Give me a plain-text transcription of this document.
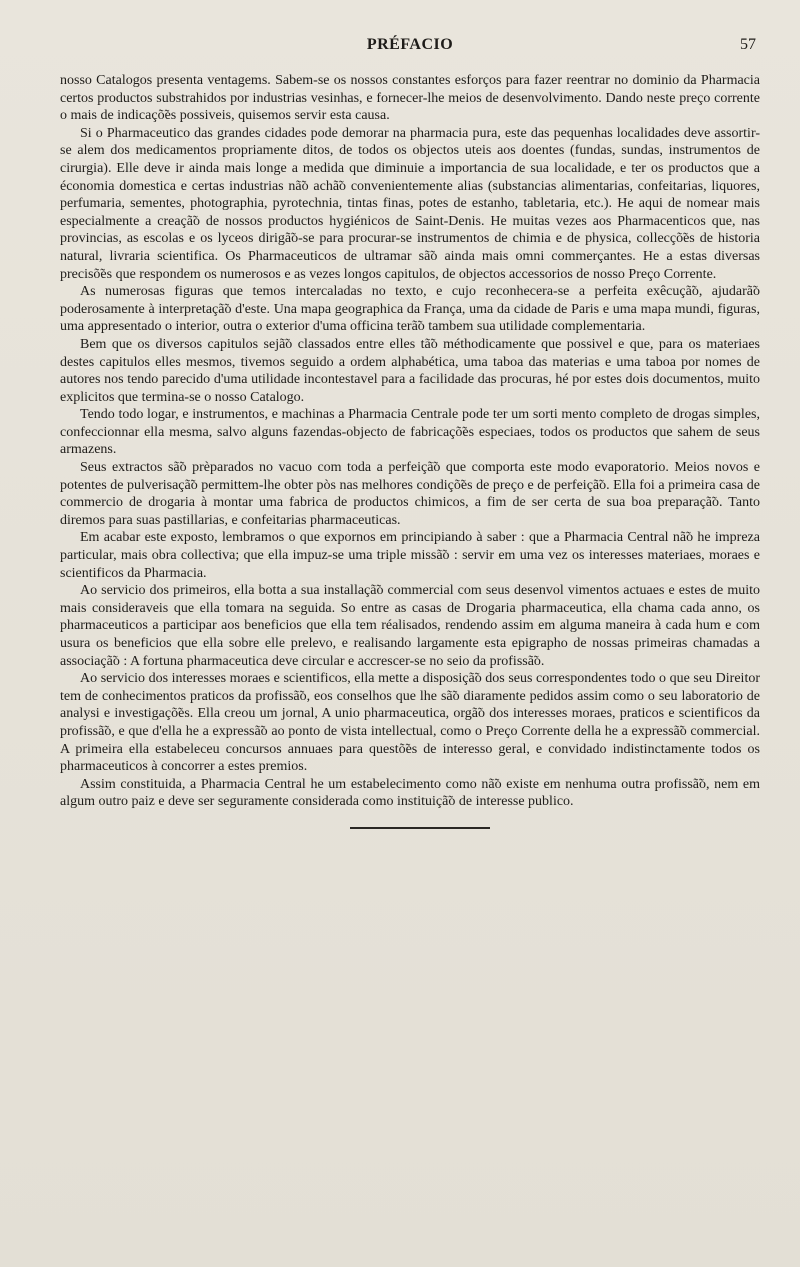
PRÉFACIO	57

nosso Catalogos presenta ventagems. Sabem-se os nossos constantes esforços para fazer reentrar no dominio da Pharmacia certos productos substrahidos por industrias vesinhas, e fornecer-lhe meios de desenvolvimento. Dando neste preço corrente o mais de indicaçõ̃es possiveis, quisemos servir esta causa.

Si o Pharmaceutico das grandes cidades pode demorar na pharmacia pura, este das pequenhas localidades deve assortir-se alem dos medicamentos propriamente ditos, de todos os objectos uteis aos doentes (fundas, sundas, instrumentos de cirurgia). Elle deve ir ainda mais longe a medida que diminuie a importancia de sua localidade, e ter os productos que a économia domestica e certas industrias nã̃o achã̃o convenientemente alias (substancias alimentarias, confeitarias, liquores, perfumaria, sementes, photographia, pyrotechnia, tintas finas, potes de estanho, tabletaria, etc.). He aqui de nomear mais especialmente a creaçã̃o de nossos productos hygiénicos de Saint-Denis. He muitas vezes aos Pharmacenticos que, nas provincias, as escolas e os lyceos dirigã̃o-se para procurar-se instrumentos de chimia e de physica, collecçõ̃es de historia natural, livraria scientifica. Os Pharmaceuticos de ultramar sã̃o ainda mais omni commerçantes. He a estas diversas precisõ̃es que respondem os numerosos e as vezes longos capitulos, de objectos accessorios de nosso Preço Corrente.

As numerosas figuras que temos intercaladas no texto, e cujo reconhecera-se a perfeita exêcuçã̃o, ajudarã̃o poderosamente à interpretaçã̃o d'este. Una mapa geographica da França, uma da cidade de Paris e uma mapa mundi, figuras, uma appresentado o interior, outra o exterior d'uma officina terã̃o tambem sua utilidade complementaria.

Bem que os diversos capitulos sejã̃o classados entre elles tã̃o méthodicamente que possivel e que, para os materiaes destes capitulos elles mesmos, tivemos seguido a ordem alphabética, uma taboa das materias e uma taboa por nomes de autores nos tendo parecido d'uma utilidade incontestavel para a facilidade das procuras, hé por estes dois documentos, muito explicitos que termina-se o nosso Catalogo.

Tendo todo logar, e instrumentos, e machinas a Pharmacia Centrale pode ter um sorti mento completo de drogas simples, confeccionnar ella mesma, salvo alguns fazendas-objecto de fabricaçõ̃es especiaes, todos os productos que sahem de seus armazens.

Seus extractos sã̃o prèparados no vacuo com toda a perfeiçã̃o que comporta este modo evaporatorio. Meios novos e potentes de pulverisaçã̃o permittem-lhe obter pòs nas melhores condiçõ̃es de preço e de perfeiçã̃o. Ella foi a primeira casa de commercio de drogaria à montar uma fabrica de productos chimicos, a fim de ser certa de sua boa preparaçã̃o. Tanto diremos para suas pastillarias, e confeitarias pharmaceuticas.

Em acabar este exposto, lembramos o que expornos em principiando à saber : que a Pharmacia Central nã̃o he impreza particular, mais obra collectiva; que ella impuz-se uma triple missã̃o : servir em uma vez os interesses materiaes, moraes e scientificos da Pharmacia.

Ao servicio dos primeiros, ella botta a sua installaçã̃o commercial com seus desenvol vimentos actuaes e estes de muito mais consideraveis que ella tomara na seguida. So entre as casas de Drogaria pharmaceutica, ella chama cada anno, os pharmaceuticos a participar aos beneficios que ella tem réalisados, rendendo assim em alguma maneira à cada hum e com usura os beneficios que ella sobre elle prelevo, e realisando largamente esta epigrapho de nossas primeiras chamadas a associaçã̃o : A fortuna pharmaceutica deve circular e accrescer-se no seio da profissã̃o.

Ao servicio dos interesses moraes e scientificos, ella mette a disposiçã̃o dos seus correspondentes todo o que seu Direitor tem de conhecimentos praticos da profissã̃o, eos conselhos que lhe sã̃o diaramente pedidos assim como o seu laboratorio de analysi e investigaçõ̃es. Ella creou um jornal, A unio pharmaceutica, orgã̃o dos interesses moraes, praticos e scientificos da profissã̃o, e que d'ella he a expressã̃o ao ponto de vista intellectual, como o Preço Corrente della he a expressã̃o commercial. A primeira ella estabeleceu concursos annuaes para questõ̃es de interesso geral, e convidado indistinctamente todos os pharmaceuticos à concorrer a estes premios.

Assim constituida, a Pharmacia Central he um estabelecimento como nã̃o existe em nenhuma outra profissã̃o, nem em algum outro paiz e deve ser seguramente considerada como instituiçã̃o de interesse publico.
